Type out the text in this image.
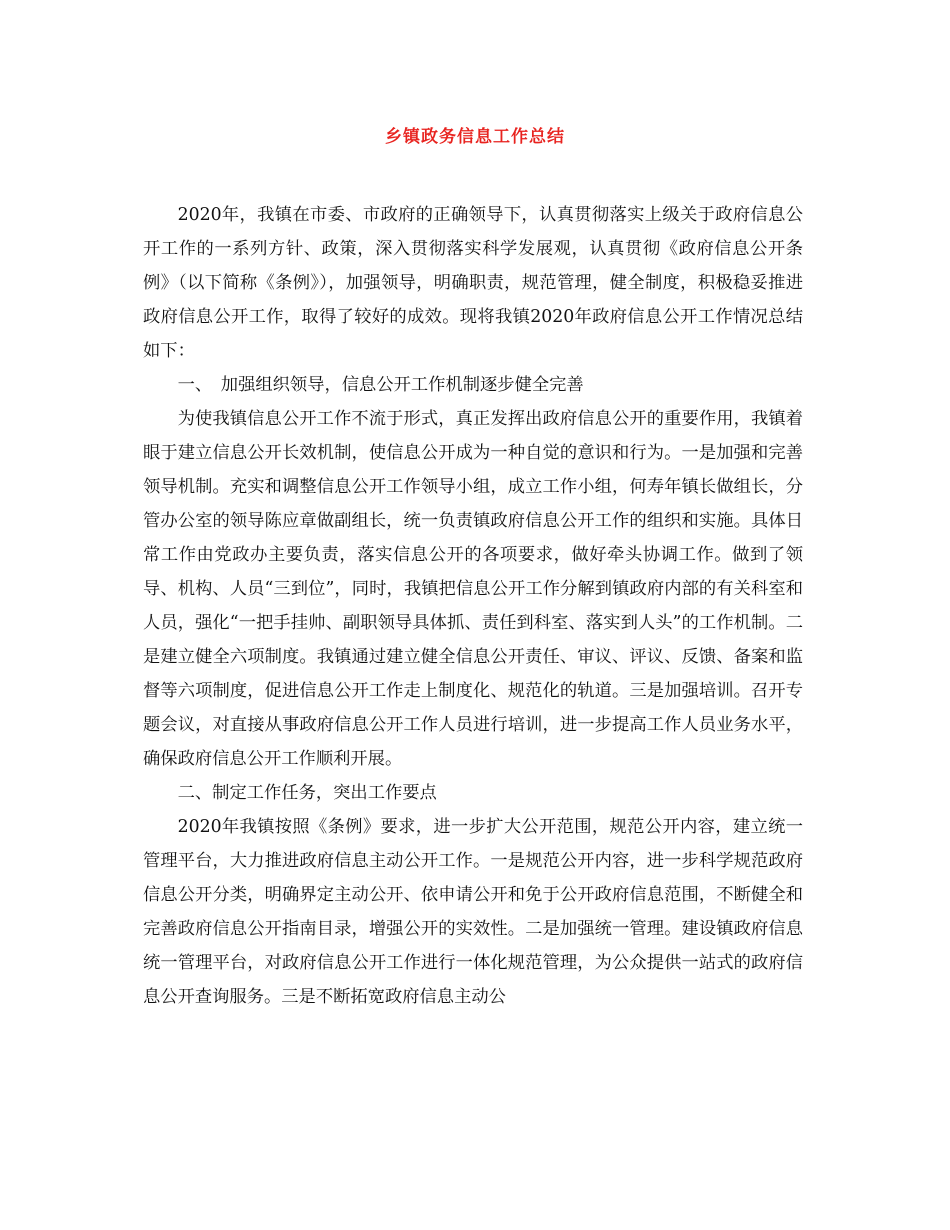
乡镇政务信息工作总结

2020年，我镇在市委、市政府的正确领导下，认真贯彻落实上级关于政府信息公开工作的一系列方针、政策，深入贯彻落实科学发展观，认真贯彻《政府信息公开条例》（以下简称《条例》），加强领导，明确职责，规范管理，健全制度，积极稳妥推进政府信息公开工作，取得了较好的成效。现将我镇2020年政府信息公开工作情况总结如下：

一、　加强组织领导，信息公开工作机制逐步健全完善

为使我镇信息公开工作不流于形式，真正发挥出政府信息公开的重要作用，我镇着眼于建立信息公开长效机制，使信息公开成为一种自觉的意识和行为。一是加强和完善领导机制。充实和调整信息公开工作领导小组，成立工作小组，何寿年镇长做组长，分管办公室的领导陈应章做副组长，统一负责镇政府信息公开工作的组织和实施。具体日常工作由党政办主要负责，落实信息公开的各项要求，做好牵头协调工作。做到了领导、机构、人员“三到位”，同时，我镇把信息公开工作分解到镇政府内部的有关科室和人员，强化“一把手挂帅、副职领导具体抓、责任到科室、落实到人头”的工作机制。二是建立健全六项制度。我镇通过建立健全信息公开责任、审议、评议、反馈、备案和监督等六项制度，促进信息公开工作走上制度化、规范化的轨道。三是加强培训。召开专题会议，对直接从事政府信息公开工作人员进行培训，进一步提高工作人员业务水平，确保政府信息公开工作顺利开展。

二、制定工作任务，突出工作要点

2020年我镇按照《条例》要求，进一步扩大公开范围，规范公开内容，建立统一管理平台，大力推进政府信息主动公开工作。一是规范公开内容，进一步科学规范政府信息公开分类，明确界定主动公开、依申请公开和免于公开政府信息范围，不断健全和完善政府信息公开指南目录，增强公开的实效性。二是加强统一管理。建设镇政府信息统一管理平台，对政府信息公开工作进行一体化规范管理，为公众提供一站式的政府信息公开查询服务。三是不断拓宽政府信息主动公
